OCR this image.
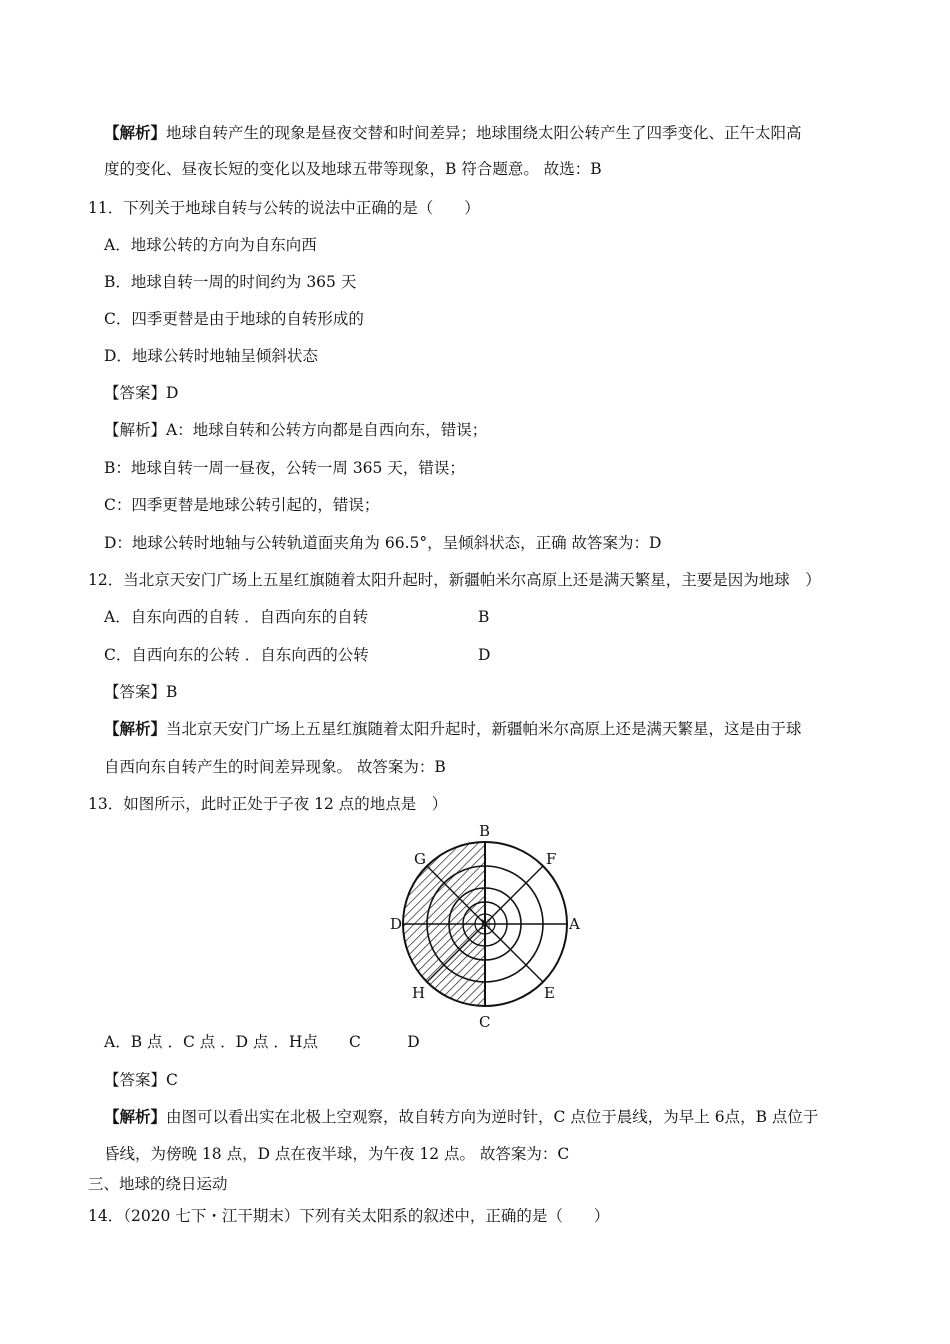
【解析】地球自转产生的现象是昼夜交替和时间差异；地球围绕太阳公转产生了四季变化、正午太阳高
度的变化、昼夜长短的变化以及地球五带等现象，B 符合题意。 故选：B
11．下列关于地球自转与公转的说法中正确的是（　　）
A．地球公转的方向为自东向西
B．地球自转一周的时间约为 365 天
C．四季更替是由于地球的自转形成的
D．地球公转时地轴呈倾斜状态
【答案】D
【解析】A：地球自转和公转方向都是自西向东，错误；
B：地球自转一周一昼夜，公转一周 365 天，错误；
C：四季更替是地球公转引起的，错误；
D：地球公转时地轴与公转轨道面夹角为 66.5°，呈倾斜状态，正确 故答案为：D
12．当北京天安门广场上五星红旗随着太阳升起时，新疆帕米尔高原上还是满天繁星，主要是因为地球　）
A．自东向西的自转 ．自西向东的自转	B
C．自西向东的公转 ．自东向西的公转	D
【答案】B
【解析】当北京天安门广场上五星红旗随着太阳升起时，新疆帕米尔高原上还是满天繁星，这是由于球
自西向东自转产生的时间差异现象。 故答案为：B
13．如图所示，此时正处于子夜 12 点的地点是　）
B
F
G
D	A
N
H	E
C
A．B 点 ．C 点 ．D 点 ．H点　　C　　　D
【答案】C
【解析】由图可以看出实在北极上空观察，故自转方向为逆时针，C 点位于晨线，为早上 6点，B 点位于
昏线，为傍晚 18 点，D 点在夜半球，为午夜 12 点。 故答案为：C
三、地球的绕日运动
14．（2020 七下・江干期末）下列有关太阳系的叙述中，正确的是（　　）
